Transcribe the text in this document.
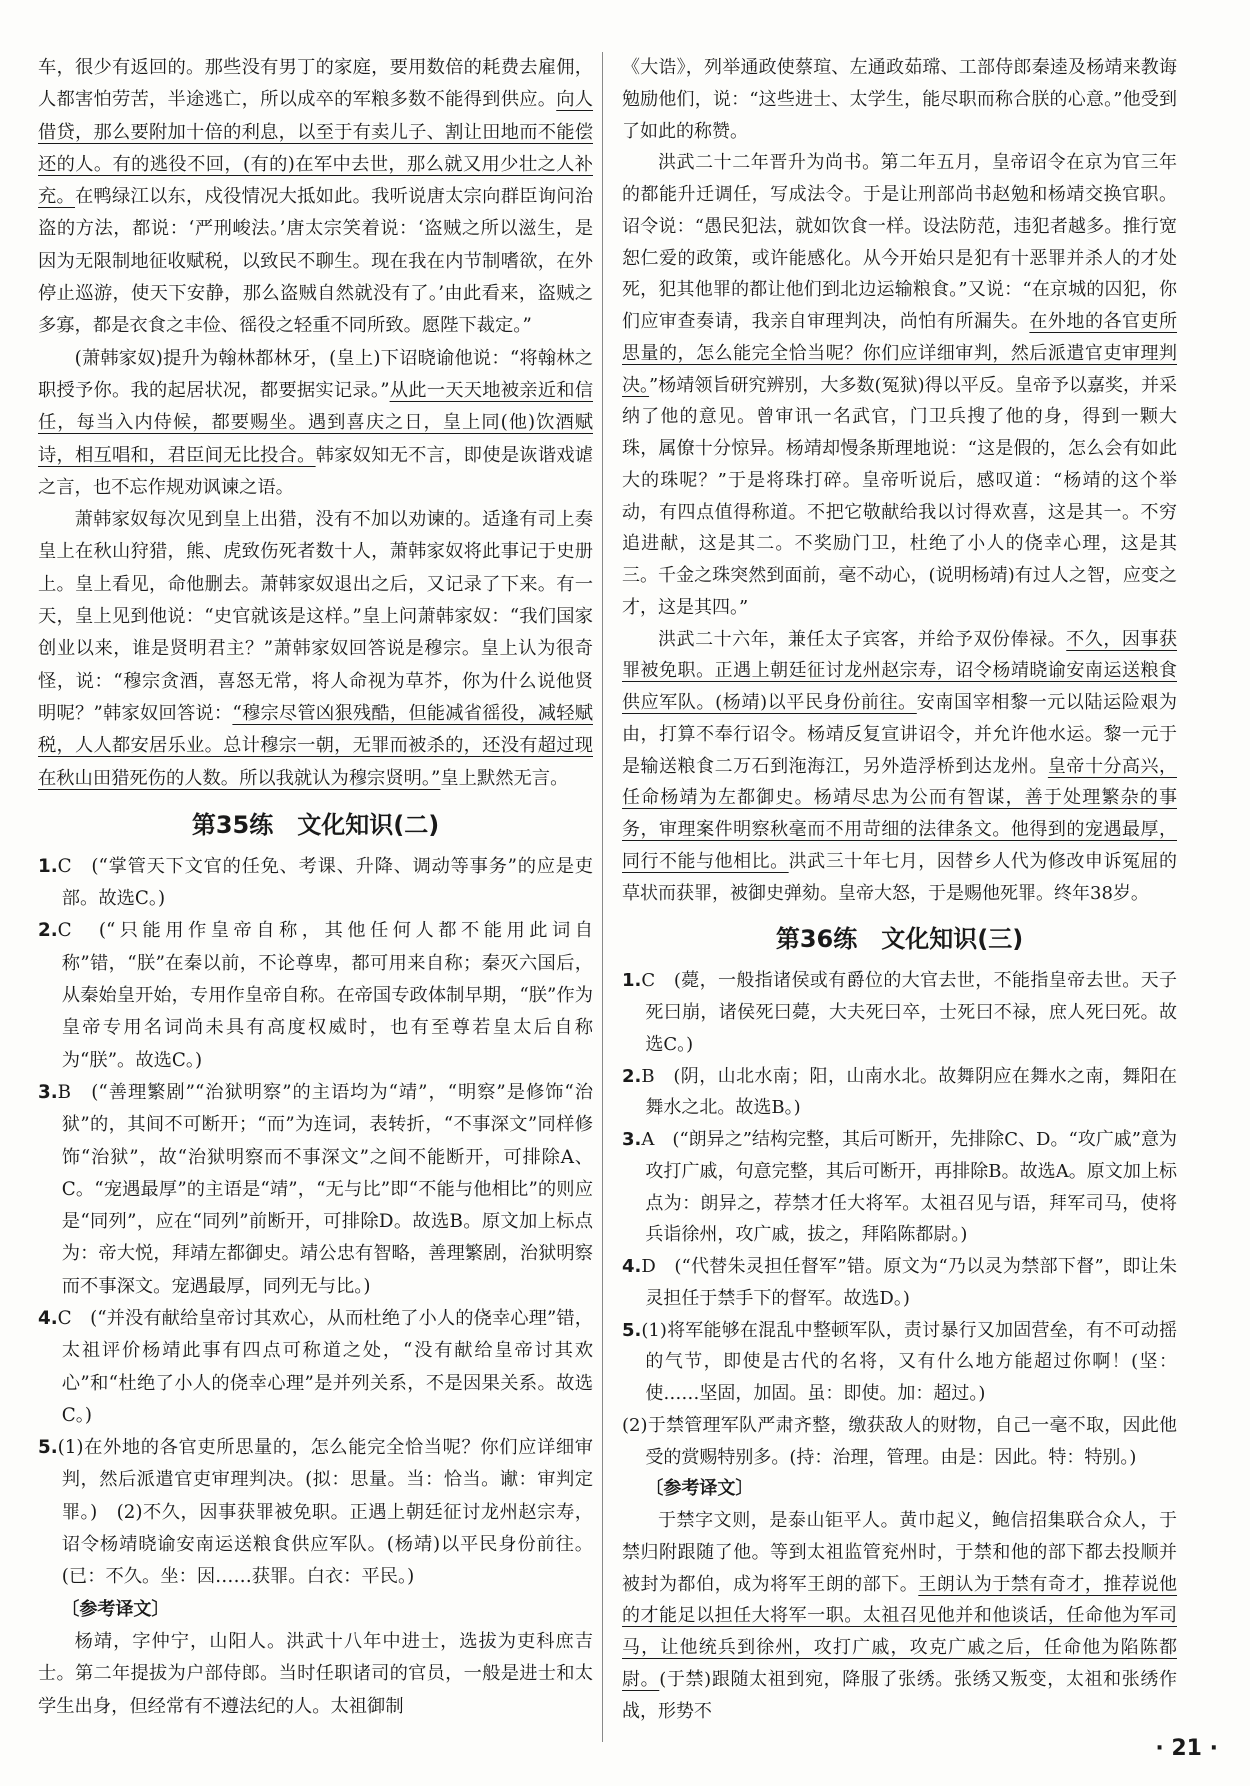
车，很少有返回的。那些没有男丁的家庭，要用数倍的耗费去雇佣，人都害怕劳苦，半途逃亡，所以成卒的军粮多数不能得到供应。向人借贷，那么要附加十倍的利息，以至于有卖儿子、割让田地而不能偿还的人。有的逃役不回，(有的)在军中去世，那么就又用少壮之人补充。在鸭绿江以东，戍役情况大抵如此。我听说唐太宗向群臣询问治盗的方法，都说：‘严刑峻法。’唐太宗笑着说：‘盗贼之所以滋生，是因为无限制地征收赋税，以致民不聊生。现在我在内节制嗜欲，在外停止巡游，使天下安静，那么盗贼自然就没有了。’由此看来，盗贼之多寡，都是衣食之丰俭、徭役之轻重不同所致。愿陛下裁定。”

(萧韩家奴)提升为翰林都林牙，(皇上)下诏晓谕他说：“将翰林之职授予你。我的起居状况，都要据实记录。”从此一天天地被亲近和信任，每当入内侍候，都要赐坐。遇到喜庆之日，皇上同(他)饮酒赋诗，相互唱和，君臣间无比投合。韩家奴知无不言，即使是诙谐戏谑之言，也不忘作规劝讽谏之语。

萧韩家奴每次见到皇上出猎，没有不加以劝谏的。适逢有司上奏皇上在秋山狩猎，熊、虎致伤死者数十人，萧韩家奴将此事记于史册上。皇上看见，命他删去。萧韩家奴退出之后，又记录了下来。有一天，皇上见到他说：“史官就该是这样。”皇上问萧韩家奴：“我们国家创业以来，谁是贤明君主？”萧韩家奴回答说是穆宗。皇上认为很奇怪，说：“穆宗贪酒，喜怒无常，将人命视为草芥，你为什么说他贤明呢？”韩家奴回答说：“穆宗尽管凶狠残酷，但能减省徭役，减轻赋税，人人都安居乐业。总计穆宗一朝，无罪而被杀的，还没有超过现在秋山田猎死伤的人数。所以我就认为穆宗贤明。”皇上默然无言。

第35练　文化知识(二)

1.C　(“掌管天下文官的任免、考课、升降、调动等事务”的应是吏部。故选C。)

2.C　(“只能用作皇帝自称，其他任何人都不能用此词自称”错，“朕”在秦以前，不论尊卑，都可用来自称；秦灭六国后，从秦始皇开始，专用作皇帝自称。在帝国专政体制早期，“朕”作为皇帝专用名词尚未具有高度权威时，也有至尊若皇太后自称为“朕”。故选C。)

3.B　(“善理繁剧”“治狱明察”的主语均为“靖”，“明察”是修饰“治狱”的，其间不可断开；“而”为连词，表转折，“不事深文”同样修饰“治狱”，故“治狱明察而不事深文”之间不能断开，可排除A、C。“宠遇最厚”的主语是“靖”，“无与比”即“不能与他相比”的则应是“同列”，应在“同列”前断开，可排除D。故选B。原文加上标点为：帝大悦，拜靖左都御史。靖公忠有智略，善理繁剧，治狱明察而不事深文。宠遇最厚，同列无与比。)

4.C　(“并没有献给皇帝讨其欢心，从而杜绝了小人的侥幸心理”错，太祖评价杨靖此事有四点可称道之处，“没有献给皇帝讨其欢心”和“杜绝了小人的侥幸心理”是并列关系，不是因果关系。故选C。)

5.(1)在外地的各官吏所思量的，怎么能完全恰当呢？你们应详细审判，然后派遣官吏审理判决。(拟：思量。当：恰当。谳：审判定罪。)　(2)不久，因事获罪被免职。正遇上朝廷征讨龙州赵宗寿，诏令杨靖晓谕安南运送粮食供应军队。(杨靖)以平民身份前往。(已：不久。坐：因……获罪。白衣：平民。)

〔参考译文〕

杨靖，字仲宁，山阳人。洪武十八年中进士，选拔为吏科庶吉士。第二年提拔为户部侍郎。当时任职诸司的官员，一般是进士和太学生出身，但经常有不遵法纪的人。太祖御制

《大诰》，列举通政使蔡瑄、左通政茹瑺、工部侍郎秦逵及杨靖来教诲勉励他们，说：“这些进士、太学生，能尽职而称合朕的心意。”他受到了如此的称赞。

洪武二十二年晋升为尚书。第二年五月，皇帝诏令在京为官三年的都能升迁调任，写成法令。于是让刑部尚书赵勉和杨靖交换官职。诏令说：“愚民犯法，就如饮食一样。设法防范，违犯者越多。推行宽恕仁爱的政策，或许能感化。从今开始只是犯有十恶罪并杀人的才处死，犯其他罪的都让他们到北边运输粮食。”又说：“在京城的囚犯，你们应审查奏请，我亲自审理判决，尚怕有所漏失。在外地的各官吏所思量的，怎么能完全恰当呢？你们应详细审判，然后派遣官吏审理判决。”杨靖领旨研究辨别，大多数(冤狱)得以平反。皇帝予以嘉奖，并采纳了他的意见。曾审讯一名武官，门卫兵搜了他的身，得到一颗大珠，属僚十分惊异。杨靖却慢条斯理地说：“这是假的，怎么会有如此大的珠呢？”于是将珠打碎。皇帝听说后，感叹道：“杨靖的这个举动，有四点值得称道。不把它敬献给我以讨得欢喜，这是其一。不穷追进献，这是其二。不奖励门卫，杜绝了小人的侥幸心理，这是其三。千金之珠突然到面前，毫不动心，(说明杨靖)有过人之智，应变之才，这是其四。”

洪武二十六年，兼任太子宾客，并给予双份俸禄。不久，因事获罪被免职。正遇上朝廷征讨龙州赵宗寿，诏令杨靖晓谕安南运送粮食供应军队。(杨靖)以平民身份前往。安南国宰相黎一元以陆运险艰为由，打算不奉行诏令。杨靖反复宣讲诏令，并允许他水运。黎一元于是输送粮食二万石到沲海江，另外造浮桥到达龙州。皇帝十分高兴，任命杨靖为左都御史。杨靖尽忠为公而有智谋，善于处理繁杂的事务，审理案件明察秋毫而不用苛细的法律条文。他得到的宠遇最厚，同行不能与他相比。洪武三十年七月，因替乡人代为修改申诉冤屈的草状而获罪，被御史弹劾。皇帝大怒，于是赐他死罪。终年38岁。

第36练　文化知识(三)

1.C　(薨，一般指诸侯或有爵位的大官去世，不能指皇帝去世。天子死曰崩，诸侯死曰薨，大夫死曰卒，士死曰不禄，庶人死曰死。故选C。)

2.B　(阴，山北水南；阳，山南水北。故舞阴应在舞水之南，舞阳在舞水之北。故选B。)

3.A　(“朗异之”结构完整，其后可断开，先排除C、D。“攻广戚”意为攻打广戚，句意完整，其后可断开，再排除B。故选A。原文加上标点为：朗异之，荐禁才任大将军。太祖召见与语，拜军司马，使将兵诣徐州，攻广戚，拔之，拜陷陈都尉。)

4.D　(“代替朱灵担任督军”错。原文为“乃以灵为禁部下督”，即让朱灵担任于禁手下的督军。故选D。)

5.(1)将军能够在混乱中整顿军队，责讨暴行又加固营垒，有不可动摇的气节，即使是古代的名将，又有什么地方能超过你啊！(坚：使……坚固，加固。虽：即使。加：超过。)

(2)于禁管理军队严肃齐整，缴获敌人的财物，自己一毫不取，因此他受的赏赐特别多。(持：治理，管理。由是：因此。特：特别。)

〔参考译文〕

于禁字文则，是泰山钜平人。黄巾起义，鲍信招集联合众人，于禁归附跟随了他。等到太祖监管兖州时，于禁和他的部下都去投顺并被封为都伯，成为将军王朗的部下。王朗认为于禁有奇才，推荐说他的才能足以担任大将军一职。太祖召见他并和他谈话，任命他为军司马，让他统兵到徐州，攻打广戚，攻克广戚之后，任命他为陷陈都尉。(于禁)跟随太祖到宛，降服了张绣。张绣又叛变，太祖和张绣作战，形势不

· 21 ·
